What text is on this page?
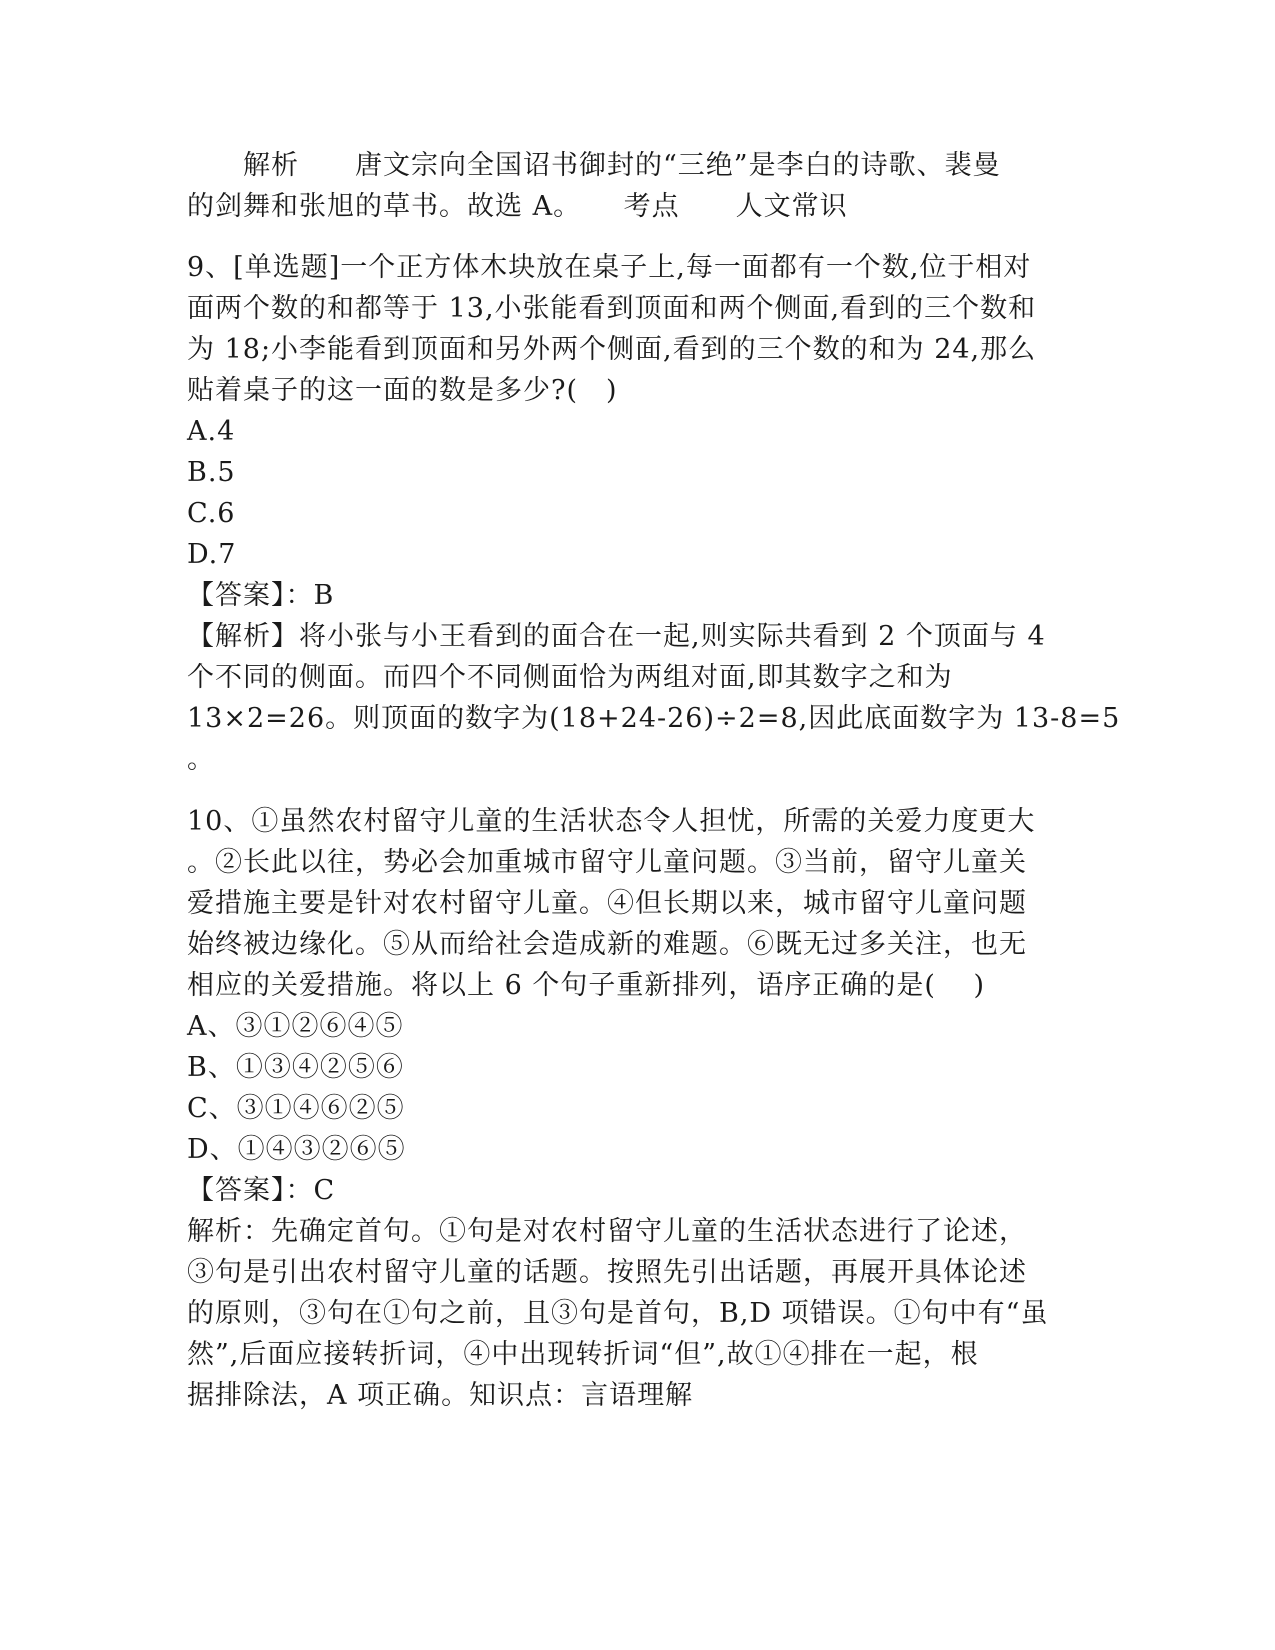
　　解析　　唐文宗向全国诏书御封的“三绝”是李白的诗歌、裴曼
的剑舞和张旭的草书。故选 A。　　考点　　人文常识
9、[单选题]一个正方体木块放在桌子上,每一面都有一个数,位于相对
面两个数的和都等于 13,小张能看到顶面和两个侧面,看到的三个数和
为 18;小李能看到顶面和另外两个侧面,看到的三个数的和为 24,那么
贴着桌子的这一面的数是多少?(　)
A.4
B.5
C.6
D.7
【答案】：B
【解析】将小张与小王看到的面合在一起,则实际共看到 2 个顶面与 4
个不同的侧面。而四个不同侧面恰为两组对面,即其数字之和为
13×2=26。则顶面的数字为(18+24-26)÷2=8,因此底面数字为 13-8=5
。
10、①虽然农村留守儿童的生活状态令人担忧，所需的关爱力度更大
。②长此以往，势必会加重城市留守儿童问题。③当前，留守儿童关
爱措施主要是针对农村留守儿童。④但长期以来，城市留守儿童问题
始终被边缘化。⑤从而给社会造成新的难题。⑥既无过多关注，也无
相应的关爱措施。将以上 6 个句子重新排列，语序正确的是(　 )
A、③①②⑥④⑤
B、①③④②⑤⑥
C、③①④⑥②⑤
D、①④③②⑥⑤
【答案】：C
解析：先确定首句。①句是对农村留守儿童的生活状态进行了论述，
③句是引出农村留守儿童的话题。按照先引出话题，再展开具体论述
的原则，③句在①句之前，且③句是首句，B,D 项错误。①句中有“虽
然”,后面应接转折词，④中出现转折词“但”,故①④排在一起，根
据排除法，A 项正确。知识点：言语理解
